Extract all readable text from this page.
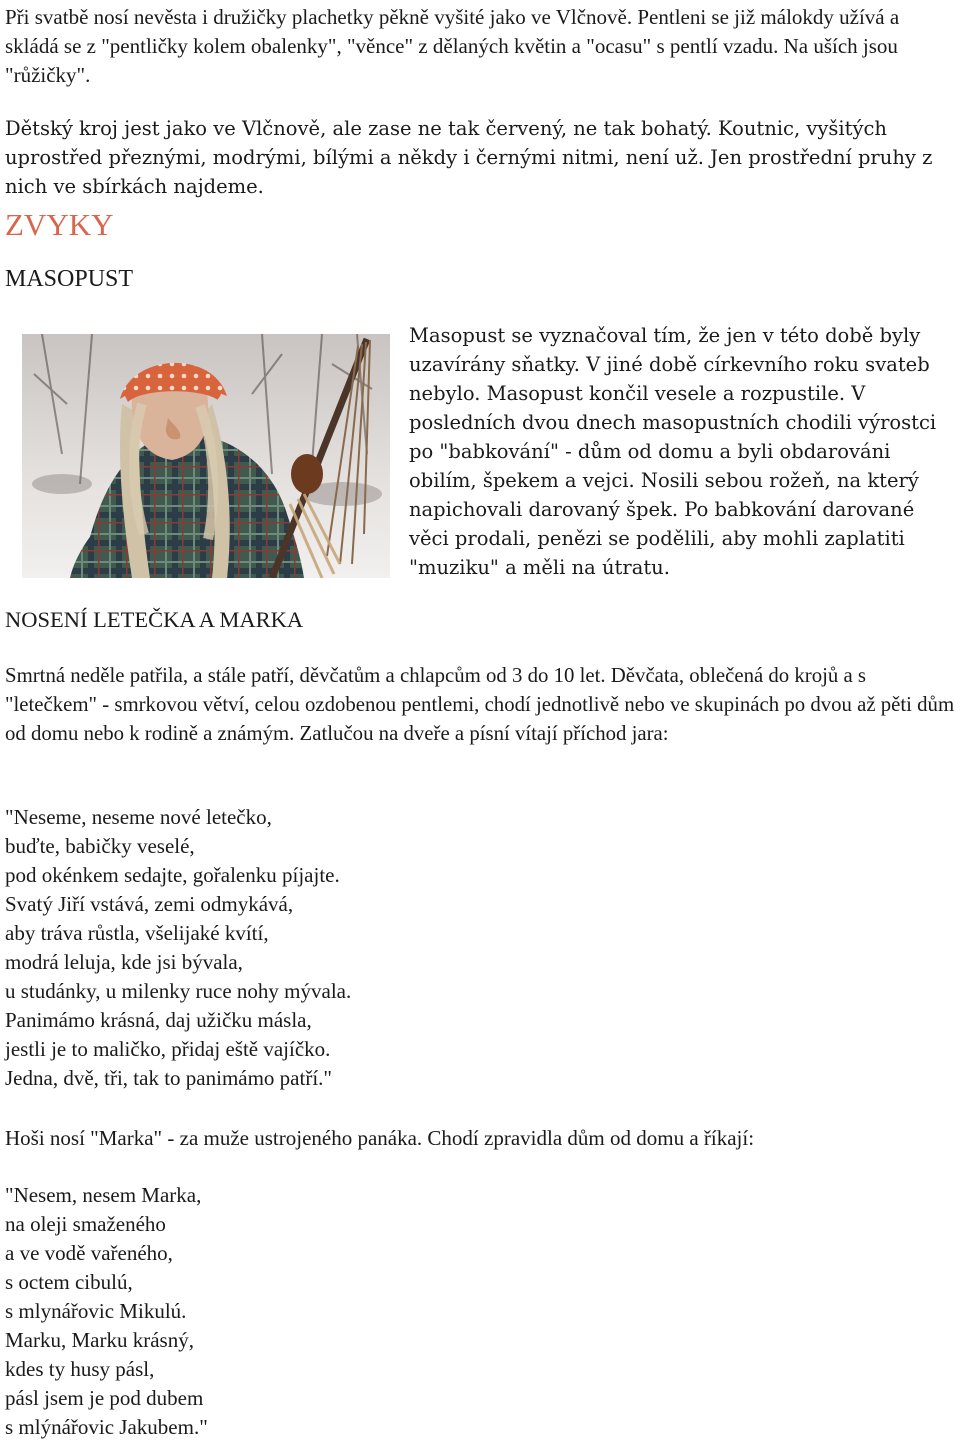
Při svatbě nosí nevěsta i družičky plachetky pěkně vyšité jako ve Vlčnově. Pentleni se již málokdy užívá a skládá se z "pentličky kolem obalenky", "věnce" z dělaných květin a "ocasu" s pentlí vzadu. Na uších jsou "růžičky".

Dětský kroj jest jako ve Vlčnově, ale zase ne tak červený, ne tak bohatý. Koutnic, vyšitých uprostřed přeznými, modrými, bílými a někdy i černými nitmi, není už. Jen prostřední pruhy z nich ve sbírkách najdeme.

ZVYKY
MASOPUST

Masopust se vyznačoval tím, že jen v této době byly uzavírány sňatky. V jiné době církevního roku svateb nebylo. Masopust končil vesele a rozpustile. V posledních dvou dnech masopustních chodili výrostci po "babkování" - dům od domu a byli obdarováni obilím, špekem a vejci. Nosili sebou rožeň, na který napichovali darovaný špek. Po babkování darované věci prodali, penězi se podělili, aby mohli zaplatiti "muziku" a měli na útratu.

NOSENÍ LETEČKA A MARKA

Smrtná neděle patřila, a stále patří, děvčatům a chlapcům od 3 do 10 let. Děvčata, oblečená do krojů a s "letečkem" - smrkovou větví, celou ozdobenou pentlemi, chodí jednotlivě nebo ve skupinách po dvou až pěti dům od domu nebo k rodině a známým. Zatlučou na dveře a písní vítají příchod jara:

"Neseme, neseme nové letečko,
buďte, babičky veselé,
pod okénkem sedajte, gořalenku píjajte.
Svatý Jiří vstává, zemi odmykává,
aby tráva růstla, všelijaké kvítí,
modrá leluja, kde jsi bývala,
u studánky, u milenky ruce nohy mývala.
Panimámo krásná, daj užičku másla,
jestli je to maličko, přidaj eště vajíčko.
Jedna, dvě, tři, tak to panimámo patří."

Hoši nosí "Marka" - za muže ustrojeného panáka. Chodí zpravidla dům od domu a říkají:

"Nesem, nesem Marka,
na oleji smaženého
a ve vodě vařeného,
s octem cibulú,
s mlynářovic Mikulú.
Marku, Marku krásný,
kdes ty husy pásl,
pásl jsem je pod dubem
s mlýnářovic Jakubem."
